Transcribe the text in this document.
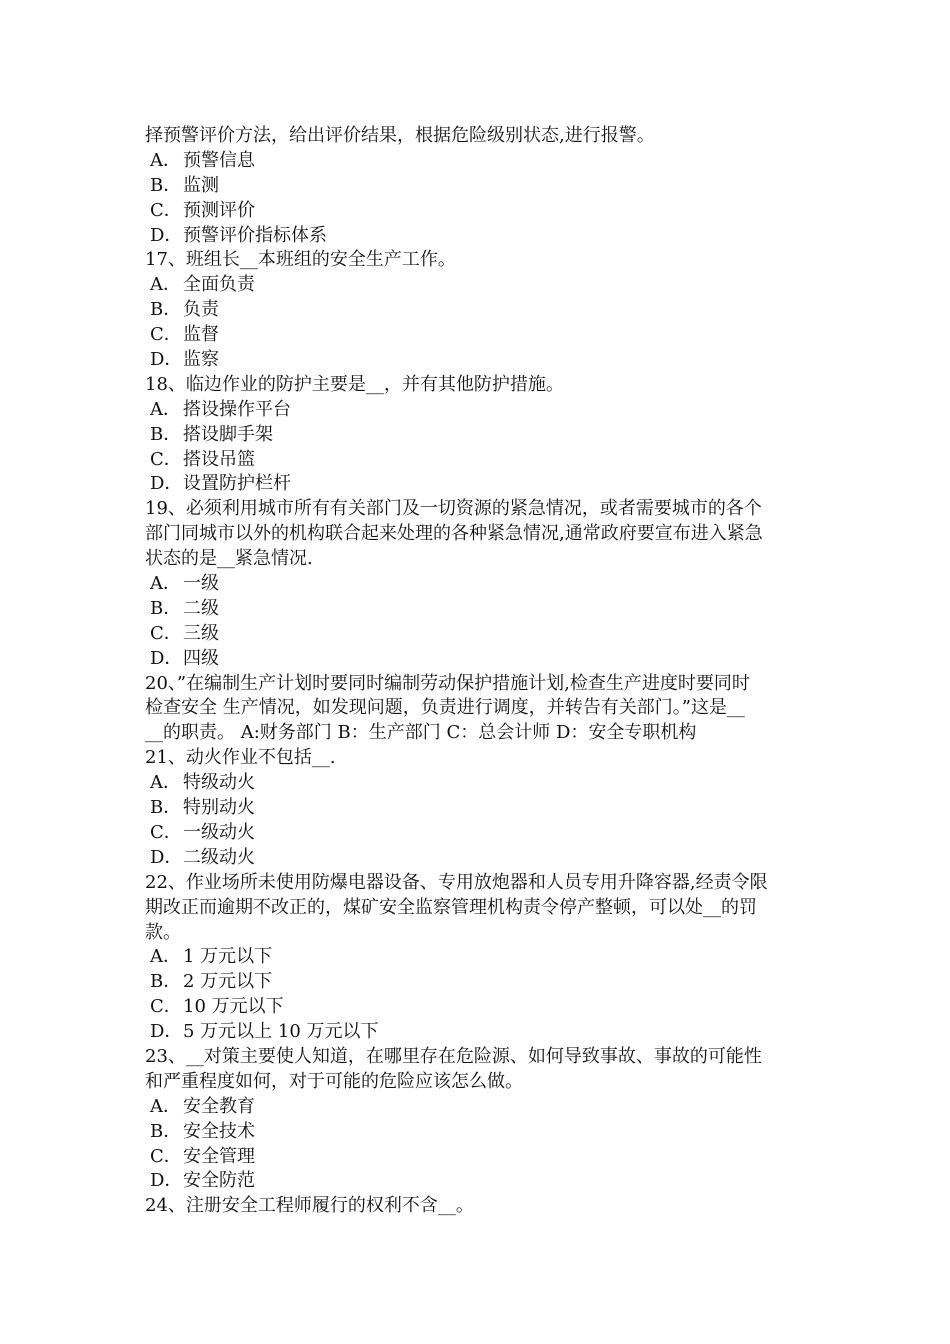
择预警评价方法，给出评价结果，根据危险级别状态,进行报警。
A． 预警信息
B．监测
C．预测评价
D．预警评价指标体系
17、班组长__本班组的安全生产工作。
A． 全面负责
B．负责
C．监督
D．监察
18、临边作业的防护主要是__，并有其他防护措施。
A． 搭设操作平台
B．搭设脚手架
C．搭设吊篮
D．设置防护栏杆
19、必须利用城市所有有关部门及一切资源的紧急情况，或者需要城市的各个
部门同城市以外的机构联合起来处理的各种紧急情况,通常政府要宣布进入紧急
状态的是__紧急情况.
A． 一级
B．二级
C．三级
D．四级
20、”在编制生产计划时要同时编制劳动保护措施计划,检查生产进度时要同时
检查安全 生产情况，如发现问题，负责进行调度，并转告有关部门。”这是__
__的职责。 A:财务部门 B：生产部门 C：总会计师 D：安全专职机构
21、动火作业不包括__.
A． 特级动火
B．特别动火
C．一级动火
D．二级动火
22、作业场所未使用防爆电器设备、专用放炮器和人员专用升降容器,经责令限
期改正而逾期不改正的，煤矿安全监察管理机构责令停产整顿，可以处__的罚
款。
A． 1 万元以下
B．2 万元以下
C．10 万元以下
D．5 万元以上 10 万元以下
23、__对策主要使人知道，在哪里存在危险源、如何导致事故、事故的可能性
和严重程度如何，对于可能的危险应该怎么做。
A． 安全教育
B．安全技术
C．安全管理
D．安全防范
24、注册安全工程师履行的权利不含__。
